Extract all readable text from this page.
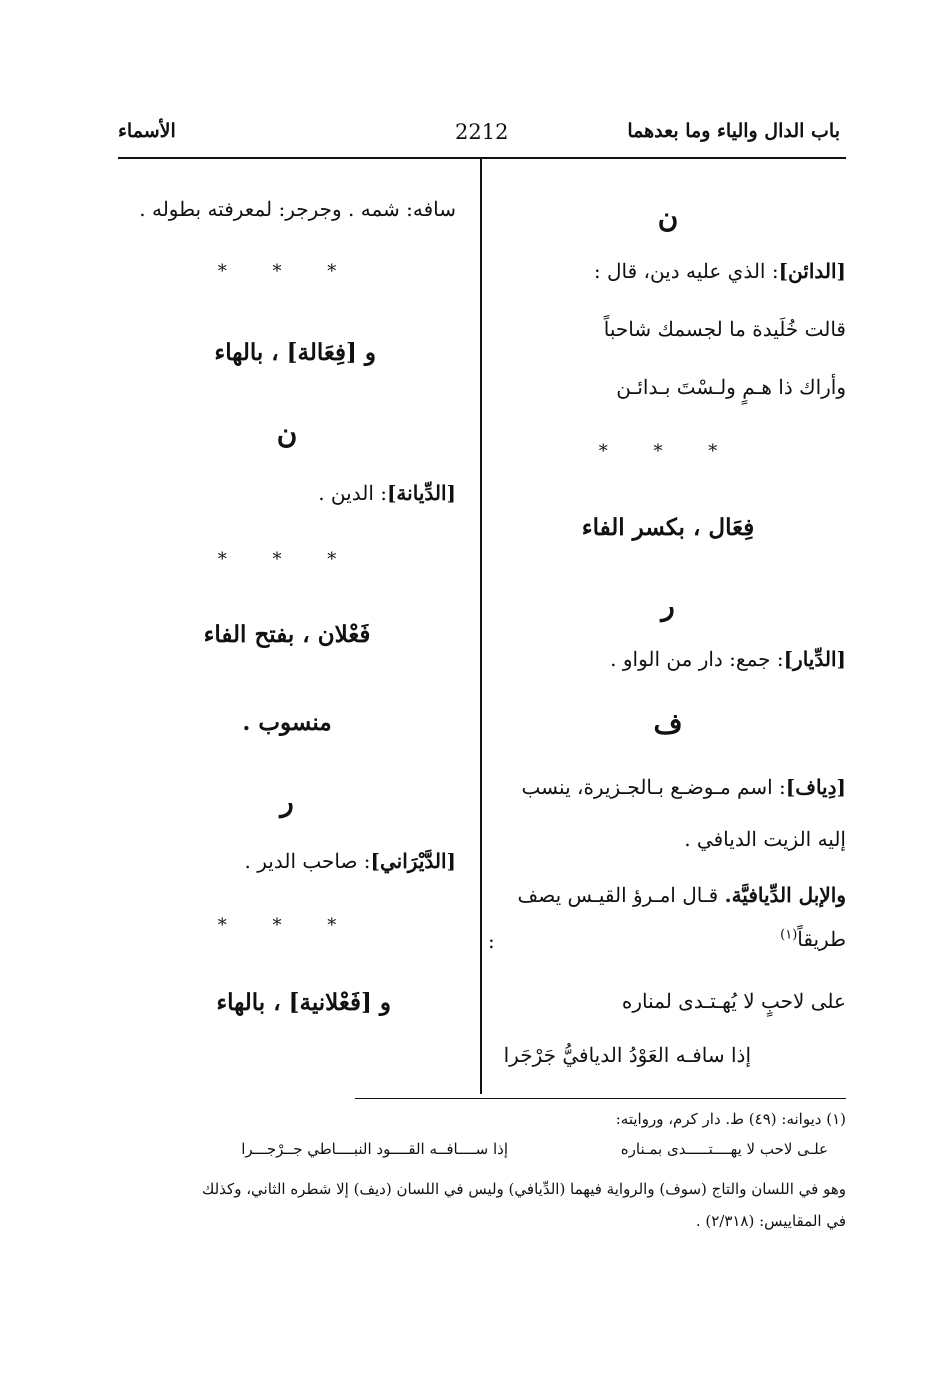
باب الدال والياء وما بعدهما
2212
الأسماء
ن
[الدائن]: الذي عليه دين، قال :
قالت خُلَيدة ما لجسمك شاحباً
وأراك ذا هـمٍ ولـسْتَ بـدائـن
* * *
فِعَال ، بكسر الفاء
ر
[الدِّيار]: جمع: دار من الواو .
ف
[دِياف]: اسم مـوضـع بـالجـزيرة، ينسب
إليه الزيت الديافي .
والإبل الدِّيافيَّة. قـال امـرؤ القيـس يصف
طريقاً$^{(١)}$
:
على لاحبٍ لا يُهـتـدى لمناره
إذا سافـه العَوْدُ الديافيُّ جَرْجَرا
سافه: شمه . وجرجر: لمعرفته بطوله .
* * *
و [فِعَالة] ، بالهاء
ن
[الدِّيانة]: الدين .
* * *
فَعْلان ، بفتح الفاء
منسوب .
ر
[الدَّيْرَاني]: صاحب الدير .
* * *
و [فَعْلانية] ، بالهاء
(١) ديوانه: (٤٩) ط. دار كرم، وروايته:
علـى لاحب لا يهــــتـــــدى بمـناره
إذا ســــافــه القــــود النبــــاطي جــرْجـــرا
وهو في اللسان والتاج (سوف) والرواية فيهما (الدِّيافي) وليس في اللسان (ديف) إلا شطره الثاني، وكذلك
في المقاييس: (٢/٣١٨) .
